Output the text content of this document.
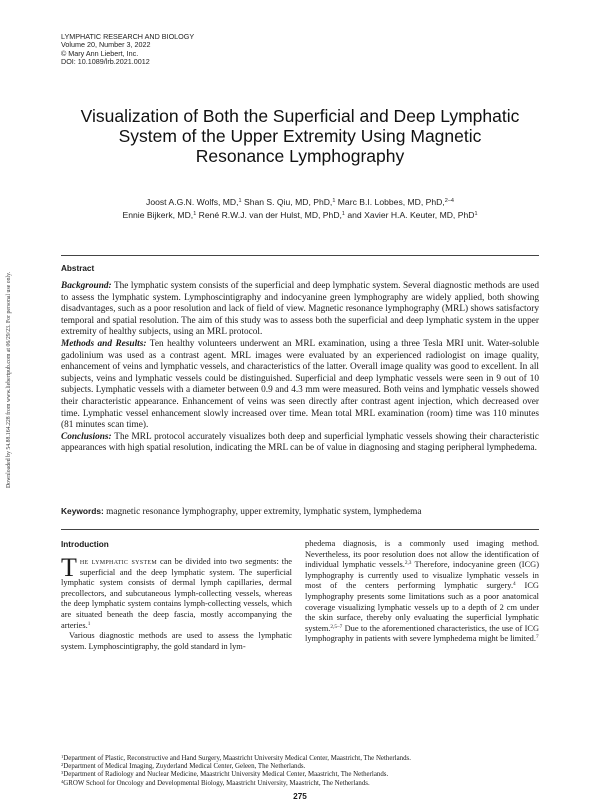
LYMPHATIC RESEARCH AND BIOLOGY
Volume 20, Number 3, 2022
© Mary Ann Liebert, Inc.
DOI: 10.1089/lrb.2021.0012
Visualization of Both the Superficial and Deep Lymphatic
System of the Upper Extremity Using Magnetic
Resonance Lymphography
Joost A.G.N. Wolfs, MD,$^1$ Shan S. Qiu, MD, PhD,$^1$ Marc B.I. Lobbes, MD, PhD,$^{2-4}$
Ennie Bijkerk, MD,$^1$ René R.W.J. van der Hulst, MD, PhD,$^1$ and Xavier H.A. Keuter, MD, PhD$^1$
Downloaded by 54.88.164.228 from www.liebertpub.com at 06/29/23. For personal use only.
Abstract

Background: The lymphatic system consists of the superficial and deep lymphatic system. Several diagnostic methods are used to assess the lymphatic system. Lymphoscintigraphy and indocyanine green lymphography are widely applied, both showing disadvantages, such as a poor resolution and lack of field of view. Magnetic resonance lymphography (MRL) shows satisfactory temporal and spatial resolution. The aim of this study was to assess both the superficial and deep lymphatic system in the upper extremity of healthy subjects, using an MRL protocol.

Methods and Results: Ten healthy volunteers underwent an MRL examination, using a three Tesla MRI unit. Water-soluble gadolinium was used as a contrast agent. MRL images were evaluated by an experienced radiologist on image quality, enhancement of veins and lymphatic vessels, and characteristics of the latter. Overall image quality was good to excellent. In all subjects, veins and lymphatic vessels could be distinguished. Superficial and deep lymphatic vessels were seen in 9 out of 10 subjects. Lymphatic vessels with a diameter between 0.9 and 4.3 mm were measured. Both veins and lymphatic vessels showed their characteristic appearance. Enhancement of veins was seen directly after contrast agent injection, which decreased over time. Lymphatic vessel enhancement slowly increased over time. Mean total MRL examination (room) time was 110 minutes (81 minutes scan time).

Conclusions: The MRL protocol accurately visualizes both deep and superficial lymphatic vessels showing their characteristic appearances with high spatial resolution, indicating the MRL can be of value in diagnosing and staging peripheral lymphedema.

Keywords: magnetic resonance lymphography, upper extremity, lymphatic system, lymphedema
Introduction

The lymphatic system can be divided into two segments: the superficial and the deep lymphatic system. The superficial lymphatic system consists of dermal lymph capillaries, dermal precollectors, and subcutaneous lymph-collecting vessels, whereas the deep lymphatic system contains lymph-collecting vessels, which are situated beneath the deep fascia, mostly accompanying the arteries.$^1$

Various diagnostic methods are used to assess the lymphatic system. Lymphoscintigraphy, the gold standard in lym-

phedema diagnosis, is a commonly used imaging method. Nevertheless, its poor resolution does not allow the identification of individual lymphatic vessels.$^{2,3}$ Therefore, indocyanine green (ICG) lymphography is currently used to visualize lymphatic vessels in most of the centers performing lymphatic surgery.$^4$ ICG lymphography presents some limitations such as a poor anatomical coverage visualizing lymphatic vessels up to a depth of 2 cm under the skin surface, thereby only evaluating the superficial lymphatic system.$^{2,5-7}$ Due to the aforementioned characteristics, the use of ICG lymphography in patients with severe lymphedema might be limited.$^7$

$^1$Department of Plastic, Reconstructive and Hand Surgery, Maastricht University Medical Center, Maastricht, The Netherlands.
$^2$Department of Medical Imaging, Zuyderland Medical Center, Geleen, The Netherlands.
$^3$Department of Radiology and Nuclear Medicine, Maastricht University Medical Center, Maastricht, The Netherlands.
$^4$GROW School for Oncology and Developmental Biology, Maastricht University, Maastricht, The Netherlands.
275
